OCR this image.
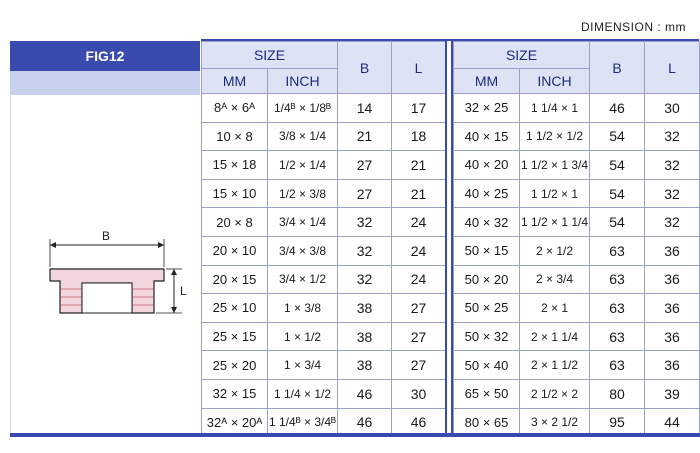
DIMENSION : mm
FIG12
B
L
SIZE		B	L
MM	INCH		
8ᴬ × 6ᴬ	1/4ᴮ × 1/8ᴮ	14	17
10 × 8	3/8 × 1/4	21	18
15 × 18	1/2 × 1/4	27	21
15 × 10	1/2 × 3/8	27	21
20 × 8	3/4 × 1/4	32	24
20 × 10	3/4 × 3/8	32	24
20 × 15	3/4 × 1/2	32	24
25 × 10	1 × 3/8	38	27
25 × 15	1 × 1/2	38	27
25 × 20	1 × 3/4	38	27
32 × 15	1 1/4 × 1/2	46	30
32ᴬ × 20ᴬ	1 1/4ᴮ × 3/4ᴮ	46	46
SIZE		B	L
MM	INCH		
32 × 25	1 1/4 × 1	46	30
40 × 15	1 1/2 × 1/2	54	32
40 × 20	1 1/2 × 1 3/4	54	32
40 × 25	1 1/2 × 1	54	32
40 × 32	1 1/2 × 1 1/4	54	32
50 × 15	2 × 1/2	63	36
50 × 20	2 × 3/4	63	36
50 × 25	2 × 1	63	36
50 × 32	2 × 1 1/4	63	36
50 × 40	2 × 1 1/2	63	36
65 × 50	2 1/2 × 2	80	39
80 × 65	3 × 2 1/2	95	44
